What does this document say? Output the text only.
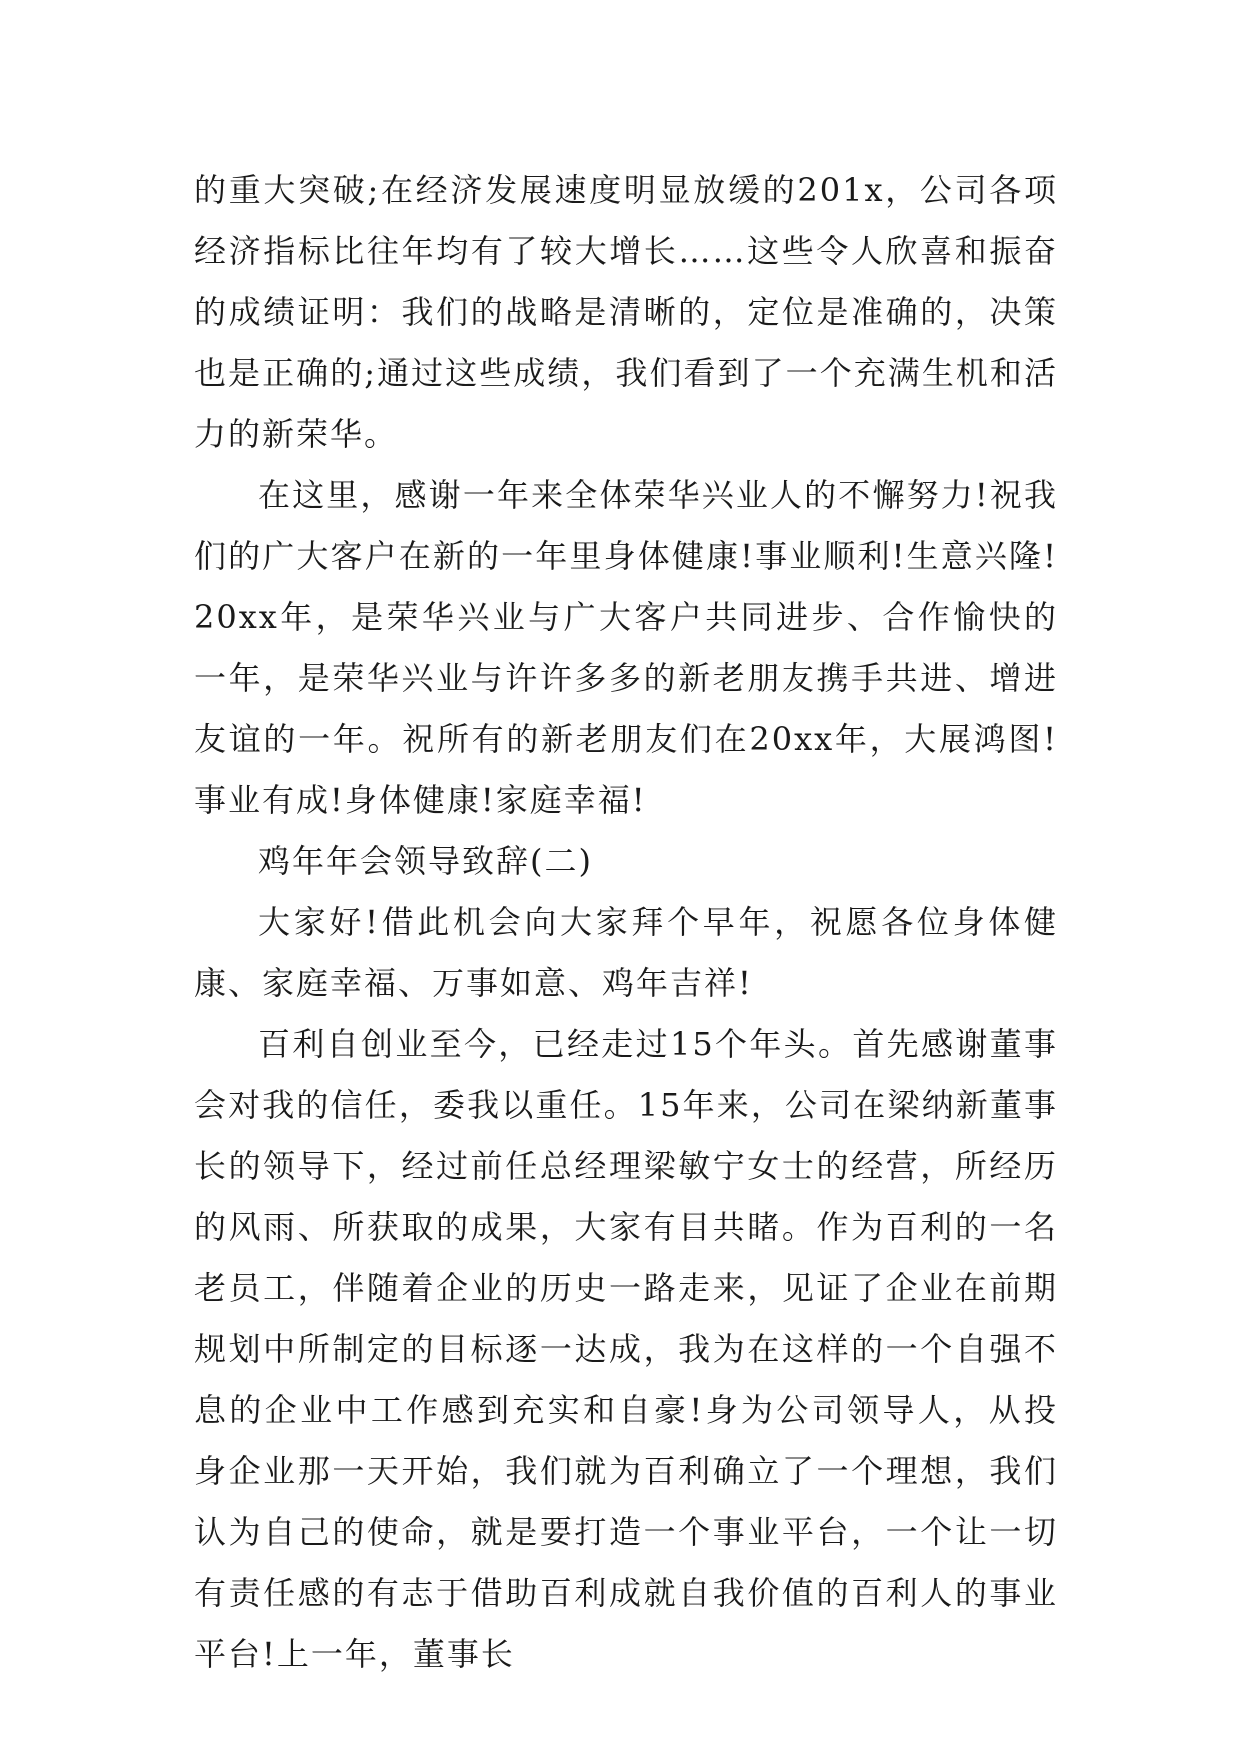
的重大突破;在经济发展速度明显放缓的201x，公司各项经济指标比往年均有了较大增长……这些令人欣喜和振奋的成绩证明：我们的战略是清晰的，定位是准确的，决策也是正确的;通过这些成绩，我们看到了一个充满生机和活力的新荣华。

在这里，感谢一年来全体荣华兴业人的不懈努力!祝我们的广大客户在新的一年里身体健康!事业顺利!生意兴隆!20xx年，是荣华兴业与广大客户共同进步、合作愉快的一年，是荣华兴业与许许多多的新老朋友携手共进、增进友谊的一年。祝所有的新老朋友们在20xx年，大展鸿图!事业有成!身体健康!家庭幸福!

鸡年年会领导致辞(二)

大家好!借此机会向大家拜个早年，祝愿各位身体健康、家庭幸福、万事如意、鸡年吉祥!

百利自创业至今，已经走过15个年头。首先感谢董事会对我的信任，委我以重任。15年来，公司在梁纳新董事长的领导下，经过前任总经理梁敏宁女士的经营，所经历的风雨、所获取的成果，大家有目共睹。作为百利的一名老员工，伴随着企业的历史一路走来，见证了企业在前期规划中所制定的目标逐一达成，我为在这样的一个自强不息的企业中工作感到充实和自豪!身为公司领导人，从投身企业那一天开始，我们就为百利确立了一个理想，我们认为自己的使命，就是要打造一个事业平台，一个让一切有责任感的有志于借助百利成就自我价值的百利人的事业平台!上一年，董事长
